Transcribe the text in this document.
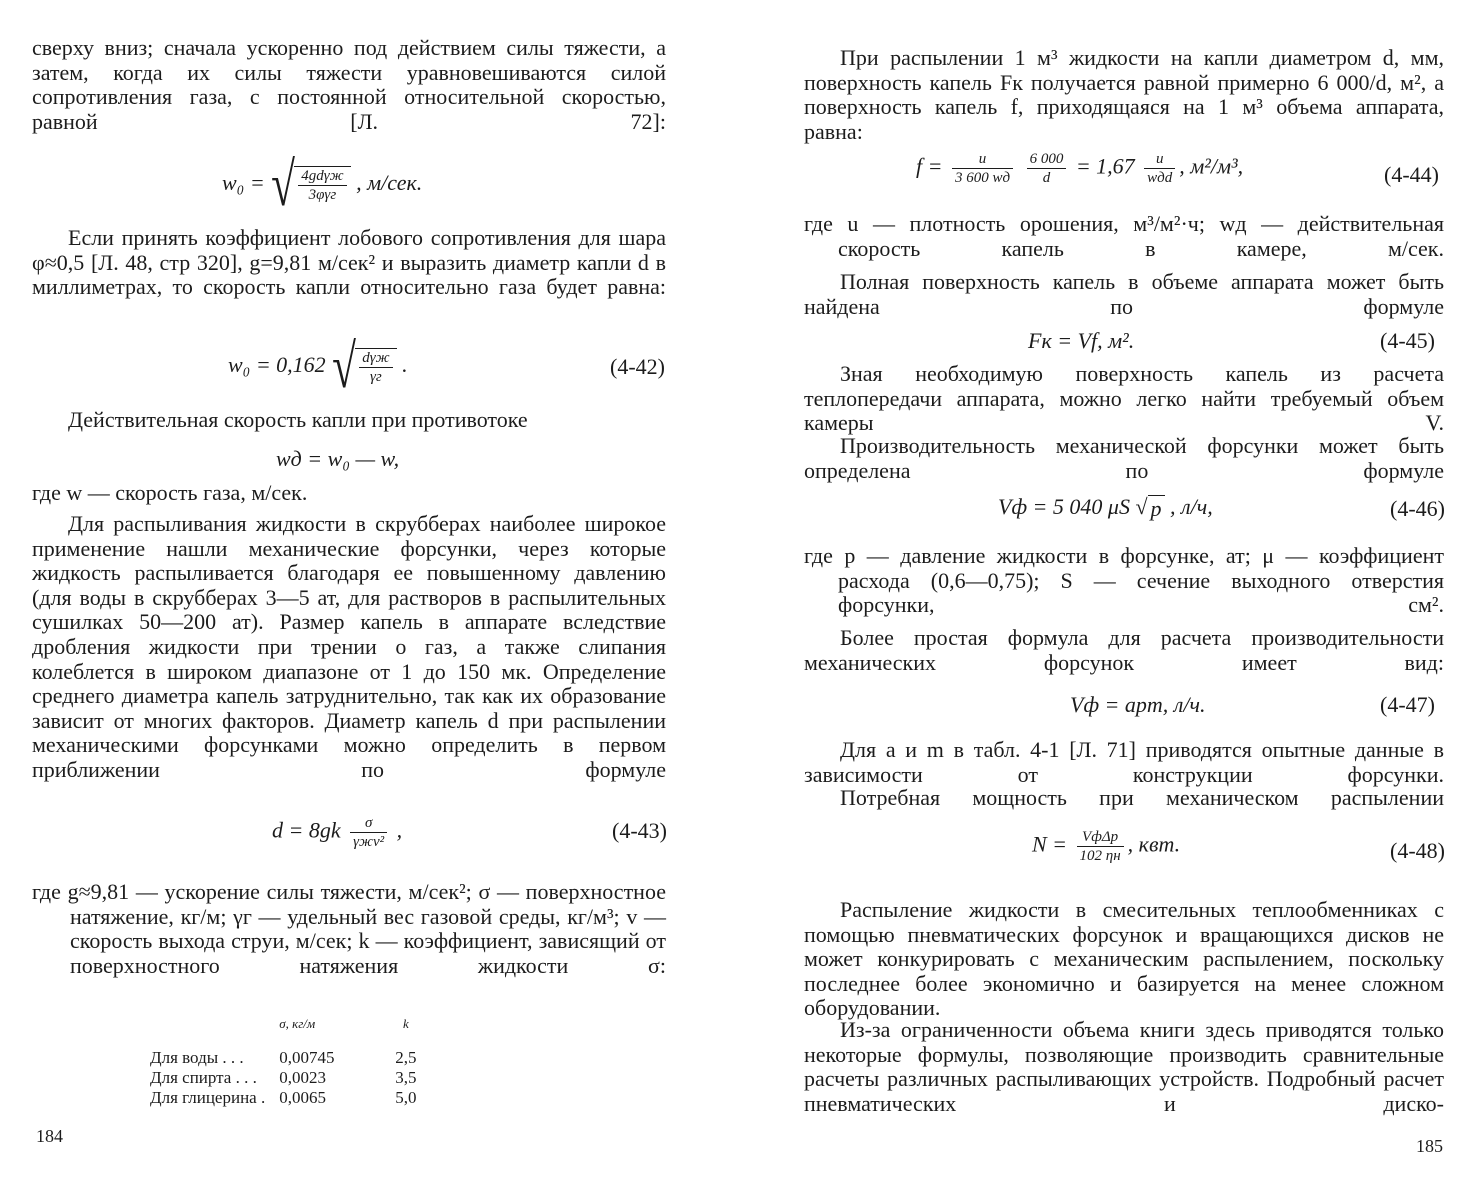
сверху вниз; сначала ускоренно под действием силы тяжести, а затем, когда их силы тяжести уравновешиваются силой сопротивления газа, с постоянной относительной скоростью, равной [Л. 72]:

w₀ = √ $\frac{\text{4gdγж}}{\text{3φγг}}$ , м/сек.

Если принять коэффициент лобового сопротивления для шара φ≈0,5 [Л. 48, стр 320], g=9,81 м/сек² и выразить диаметр капли d в миллиметрах, то скорость капли относительно газа будет равна:

w₀ = 0,162 √ $\frac{\text{dγж}}{\gamma г}$ .	(4-42)

Действительная скорость капли при противотоке

wд = w₀ — w,

где w — скорость газа, м/сек.

Для распыливания жидкости в скрубберах наиболее широкое применение нашли механические форсунки, через которые жидкость распыливается благодаря ее повышенному давлению (для воды в скрубберах 3—5 ат, для растворов в распылительных сушилках 50—200 ат). Размер капель в аппарате вследствие дробления жидкости при трении о газ, а также слипания колеблется в широком диапазоне от 1 до 150 мк. Определение среднего диаметра капель затруднительно, так как их образование зависит от многих факторов. Диаметр капель d при распылении механическими форсунками можно определить в первом приближении по формуле

$d = 8gk \frac{\sigma}{\text{γжv²}}$ ,	(4-43)

где g≈9,81 — ускорение силы тяжести, м/сек²; σ — поверхностное натяжение, кг/м; γг — удельный вес газовой среды, кг/м³; v — скорость выхода струи, м/сек; k — коэффициент, зависящий от поверхностного натяжения жидкости σ:

	σ, кг/м	k
Для воды . . .	0,00745	2,5
Для спирта . . .	0,0023	3,5
Для глицерина .	0,0065	5,0
184

При распылении 1 м³ жидкости на капли диаметром d, мм, поверхность капель Fк получается равной примерно 6 000/d, м², а поверхность капель f, приходящаяся на 1 м³ объема аппарата, равна:

$f = \frac{u}{3 600 wд}$
$\frac{6 000}{d} = 1,67 \frac{u}{\text{wдd}}$ , м²/м³,	(4-44)

где u — плотность орошения, м³/м²·ч; wд — действительная скорость капель в камере, м/сек.

Полная поверхность капель в объеме аппарата может быть найдена по формуле

Fк = Vf, м².	(4-45)

Зная необходимую поверхность капель из расчета теплопередачи аппарата, можно легко найти требуемый объем камеры V.

Производительность механической форсунки может быть определена по формуле

Vф = 5 040 μS √ p , л/ч,	(4-46)

где p — давление жидкости в форсунке, ат; μ — коэффициент расхода (0,6—0,75); S — сечение выходного отверстия форсунки, см².

Более простая формула для расчета производительности механических форсунок имеет вид:

Vф = apm, л/ч.	(4-47)

Для a и m в табл. 4-1 [Л. 71] приводятся опытные данные в зависимости от конструкции форсунки.

Потребная мощность при механическом распылении

$N = \frac{\text{VфΔp}}{102 \eta н}$ , квт.	(4-48)

Распыление жидкости в смесительных теплообменниках с помощью пневматических форсунок и вращающихся дисков не может конкурировать с механическим распылением, поскольку последнее более экономично и базируется на менее сложном оборудовании.

Из-за ограниченности объема книги здесь приводятся только некоторые формулы, позволяющие производить сравнительные расчеты различных распыливающих устройств. Подробный расчет пневматических и диско-

185
